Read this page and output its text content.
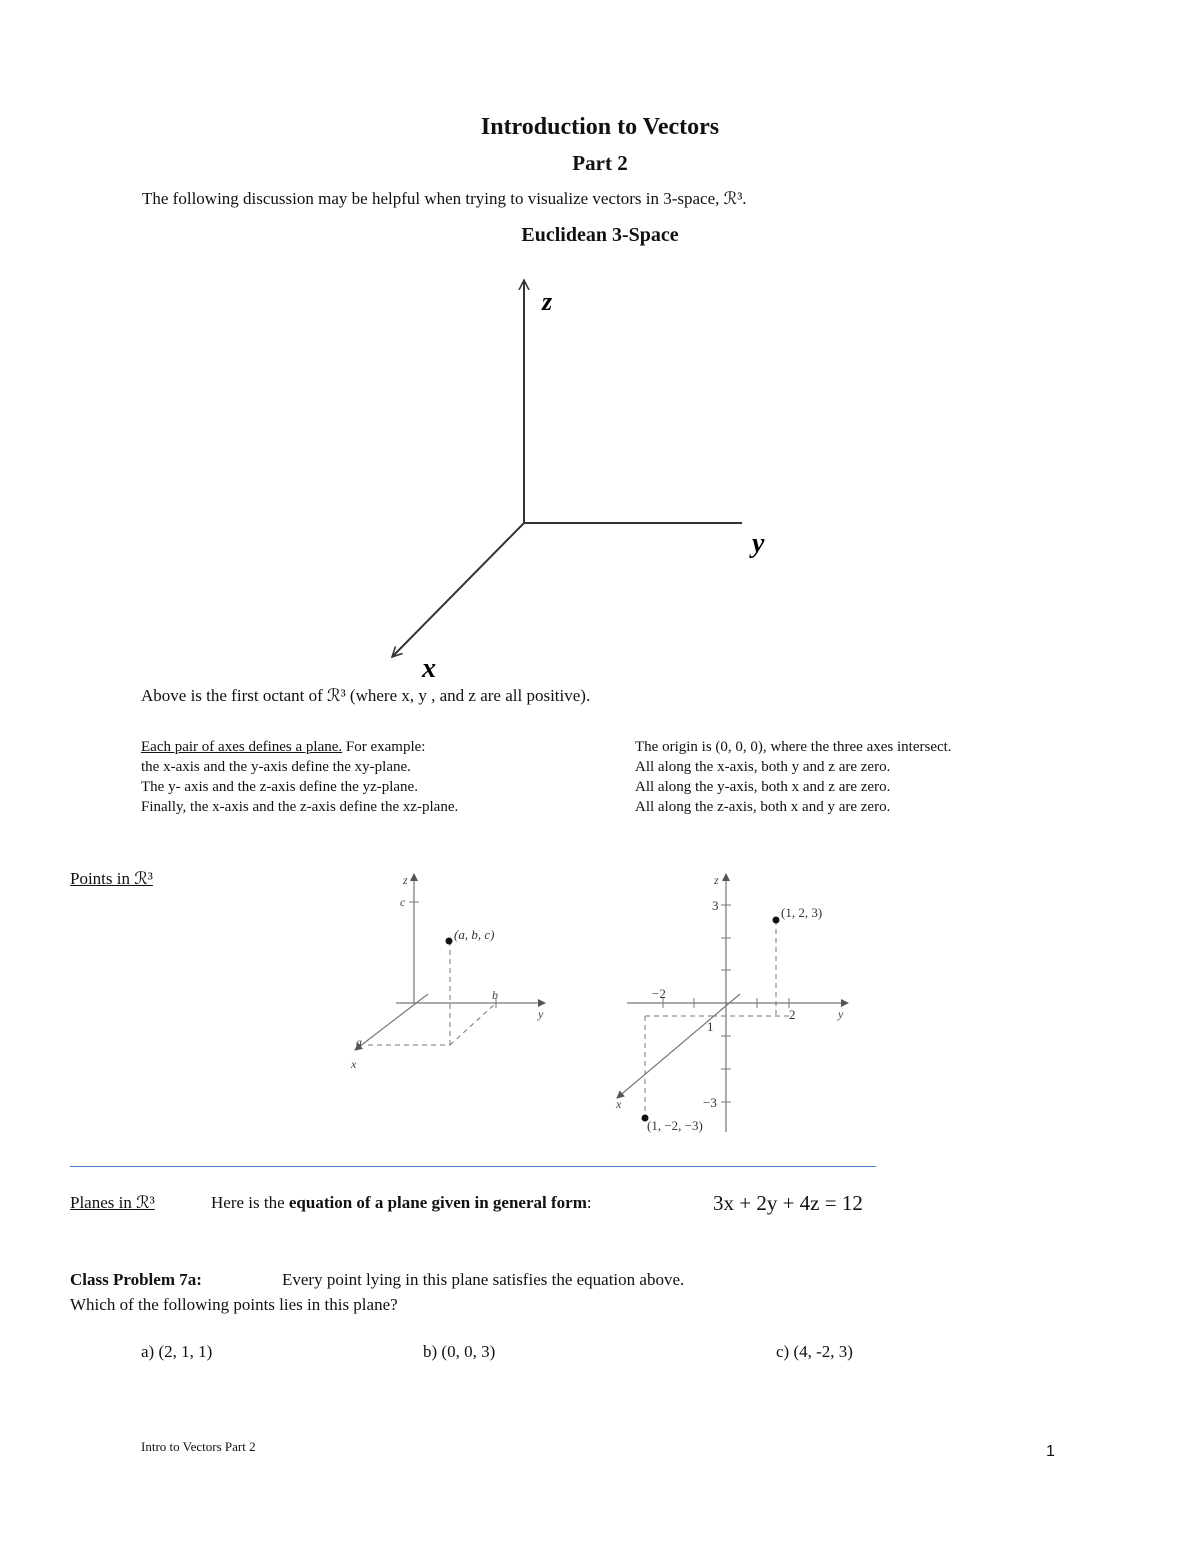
Introduction to Vectors
Part 2
The following discussion may be helpful when trying to visualize vectors in 3-space, ℛ³.
Euclidean 3-Space
z
y
x
Above is the first octant of ℛ³ (where x, y , and z are all positive).
Each pair of axes defines a plane. For example:
the x-axis and the y-axis define the xy-plane.
The y- axis and the z-axis define the yz-plane.
Finally, the x-axis and the z-axis define the xz-plane.
The origin is (0, 0, 0), where the three axes intersect.
All along the x-axis, both y and z are zero.
All along the y-axis, both x and z are zero.
All along the z-axis, both x and y are zero.
Points in ℛ³	z
c
b
y
a
x
(a, b, c)
z
3
−3
−2
2
1
y
x
(1, 2, 3)
(1, −2, −3)
Planes in ℛ³	Here is the equation of a plane given in general form:	3x + 2y + 4z = 12
Class Problem 7a:	Every point lying in this plane satisfies the equation above.
Which of the following points lies in this plane?
a) (2, 1, 1)	b) (0, 0, 3)	c) (4, -2, 3)
Intro to Vectors Part 2	1
